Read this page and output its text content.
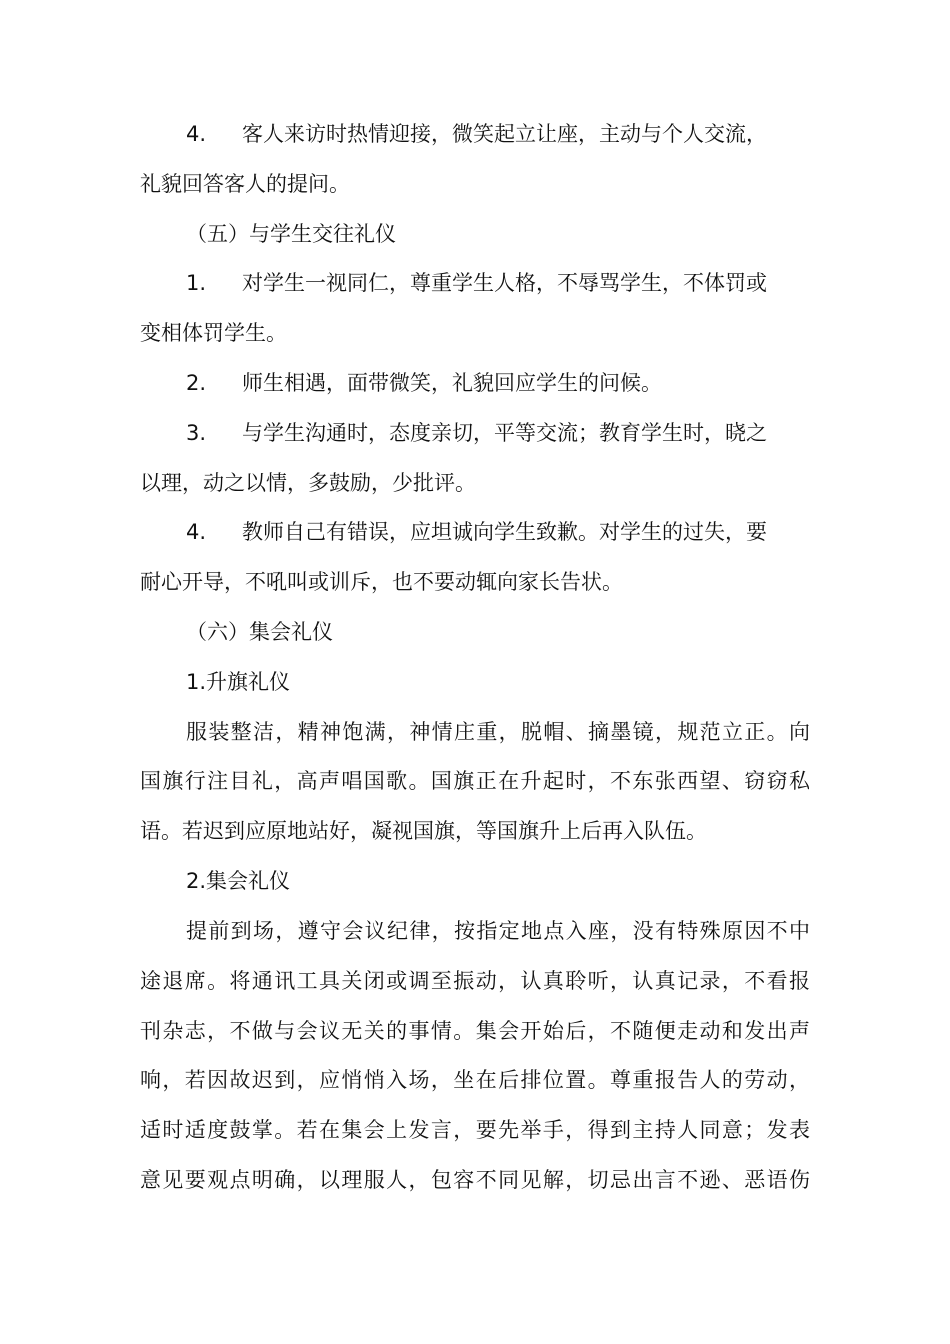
4. 客人来访时热情迎接，微笑起立让座，主动与个人交流，
礼貌回答客人的提问。
（五）与学生交往礼仪
1. 对学生一视同仁，尊重学生人格，不辱骂学生，不体罚或
变相体罚学生。
2. 师生相遇，面带微笑，礼貌回应学生的问候。
3. 与学生沟通时，态度亲切，平等交流；教育学生时，晓之
以理，动之以情，多鼓励，少批评。
4. 教师自己有错误，应坦诚向学生致歉。对学生的过失，要
耐心开导，不吼叫或训斥，也不要动辄向家长告状。
（六）集会礼仪
1.升旗礼仪
服装整洁，精神饱满，神情庄重，脱帽、摘墨镜，规范立正。向
国旗行注目礼，高声唱国歌。国旗正在升起时，不东张西望、窃窃私
语。若迟到应原地站好，凝视国旗，等国旗升上后再入队伍。
2.集会礼仪
提前到场，遵守会议纪律，按指定地点入座，没有特殊原因不中
途退席。将通讯工具关闭或调至振动，认真聆听，认真记录，不看报
刊杂志，不做与会议无关的事情。集会开始后，不随便走动和发出声
响，若因故迟到，应悄悄入场，坐在后排位置。尊重报告人的劳动，
适时适度鼓掌。若在集会上发言，要先举手，得到主持人同意；发表
意见要观点明确，以理服人，包容不同见解，切忌出言不逊、恶语伤
